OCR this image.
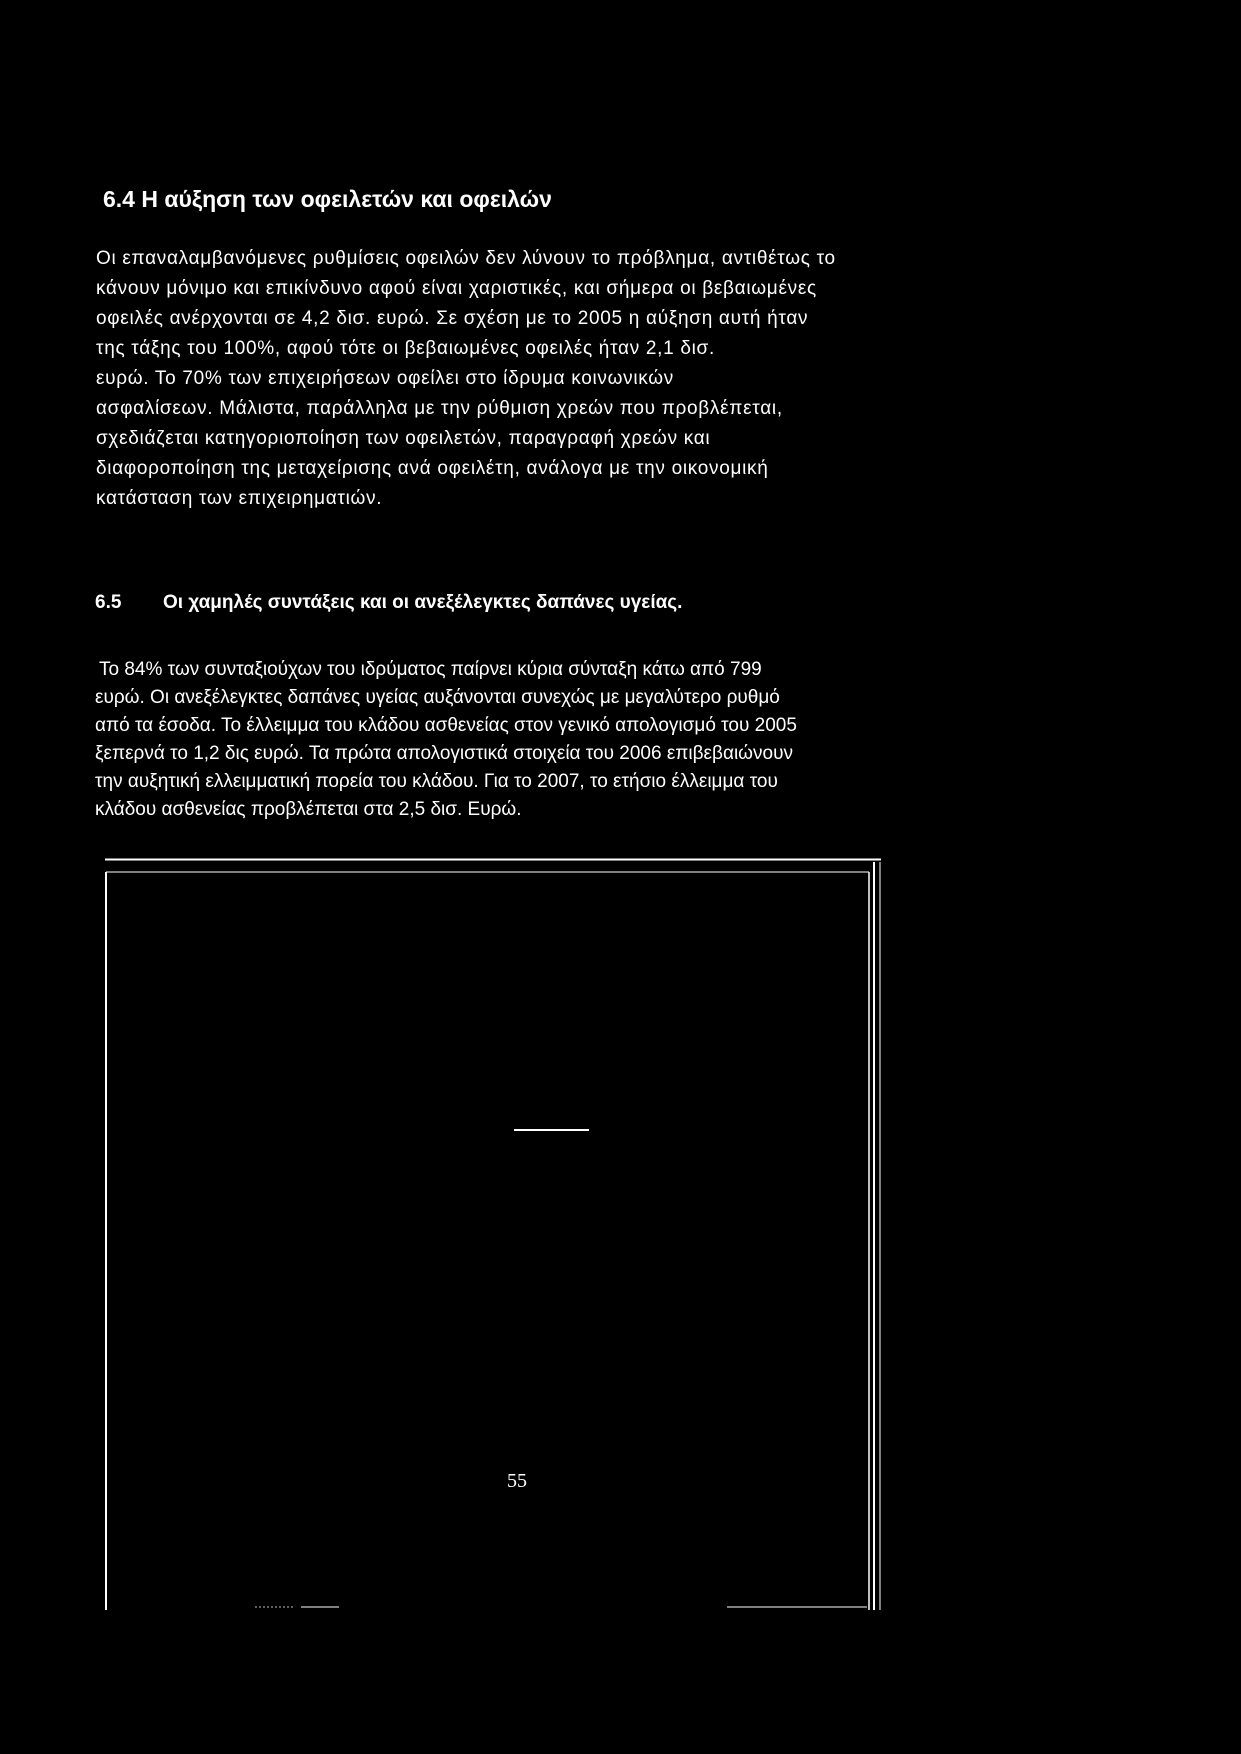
6.4 Η αύξηση των οφειλετών και οφειλών
Οι επαναλαμβανόμενες ρυθμίσεις οφειλών δεν λύνουν το πρόβλημα, αντιθέτως το
κάνουν μόνιμο και επικίνδυνο αφού είναι χαριστικές, και σήμερα οι βεβαιωμένες
οφειλές ανέρχονται σε 4,2 δισ. ευρώ. Σε σχέση με το 2005 η αύξηση αυτή ήταν
της τάξης του 100%, αφού τότε οι βεβαιωμένες οφειλές ήταν 2,1 δισ.
ευρώ. Το 70% των επιχειρήσεων οφείλει στο ίδρυμα κοινωνικών
ασφαλίσεων. Μάλιστα, παράλληλα με την ρύθμιση χρεών που προβλέπεται,
σχεδιάζεται κατηγοριοποίηση των οφειλετών, παραγραφή χρεών και
διαφοροποίηση της μεταχείρισης ανά οφειλέτη, ανάλογα με την οικονομική
κατάσταση των επιχειρηματιών.
6.5 Οι χαμηλές συντάξεις και οι ανεξέλεγκτες δαπάνες υγείας.
Το 84% των συνταξιούχων του ιδρύματος παίρνει κύρια σύνταξη κάτω από 799
ευρώ. Οι ανεξέλεγκτες δαπάνες υγείας αυξάνονται συνεχώς με μεγαλύτερο ρυθμό
από τα έσοδα. Το έλλειμμα του κλάδου ασθενείας στον γενικό απολογισμό του 2005
ξεπερνά το 1,2 δις ευρώ. Τα πρώτα απολογιστικά στοιχεία του 2006 επιβεβαιώνουν
την αυξητική ελλειμματική πορεία του κλάδου. Για το 2007, το ετήσιο έλλειμμα του
κλάδου ασθενείας προβλέπεται στα 2,5 δισ. Ευρώ.
55
